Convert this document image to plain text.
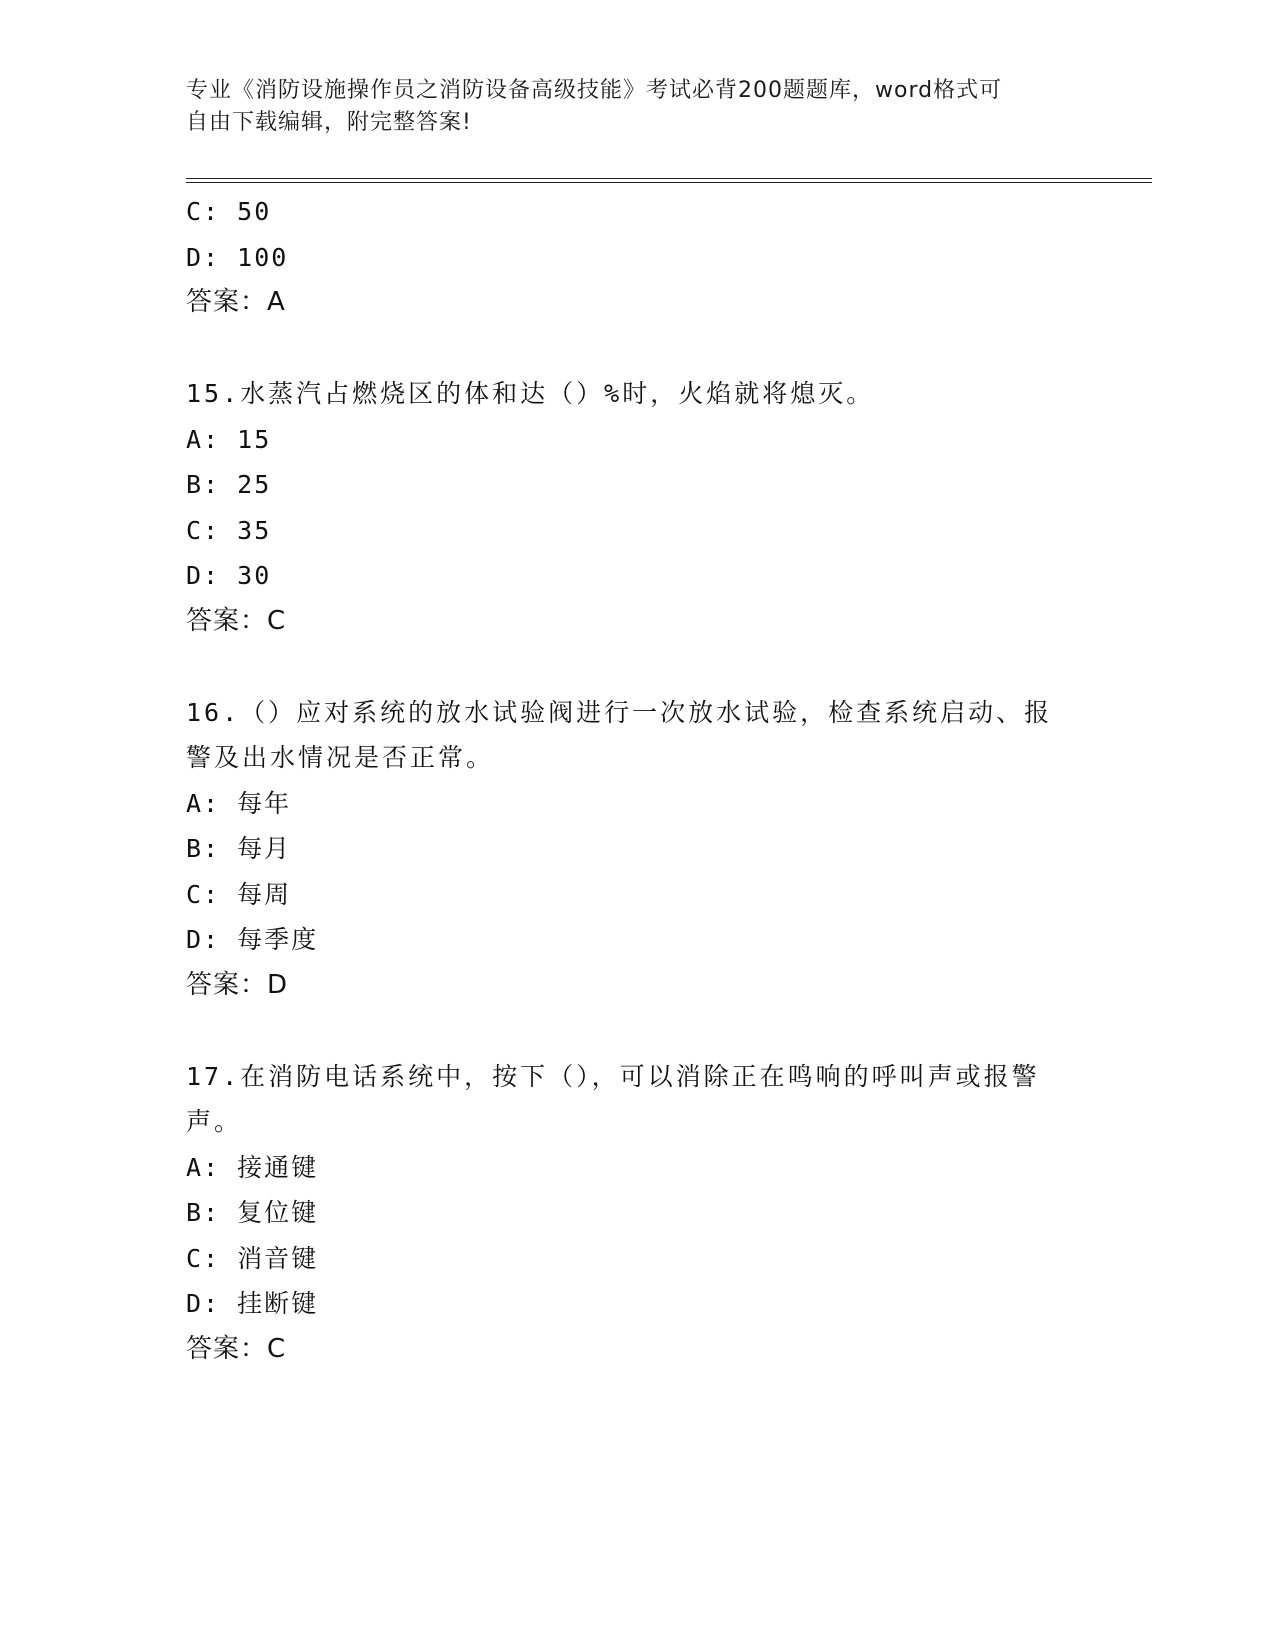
专业《消防设施操作员之消防设备高级技能》考试必背200题题库，word格式可
自由下载编辑，附完整答案!
C: 50
D: 100
答案：A
15.水蒸汽占燃烧区的体和达（）%时，火焰就将熄灭。
A: 15
B: 25
C: 35
D: 30
答案：C
16.（）应对系统的放水试验阀进行一次放水试验，检查系统启动、报警及出水情况是否正常。
A: 每年
B: 每月
C: 每周
D: 每季度
答案：D
17.在消防电话系统中，按下（），可以消除正在鸣响的呼叫声或报警声。
A: 接通键
B: 复位键
C: 消音键
D: 挂断键
答案：C
